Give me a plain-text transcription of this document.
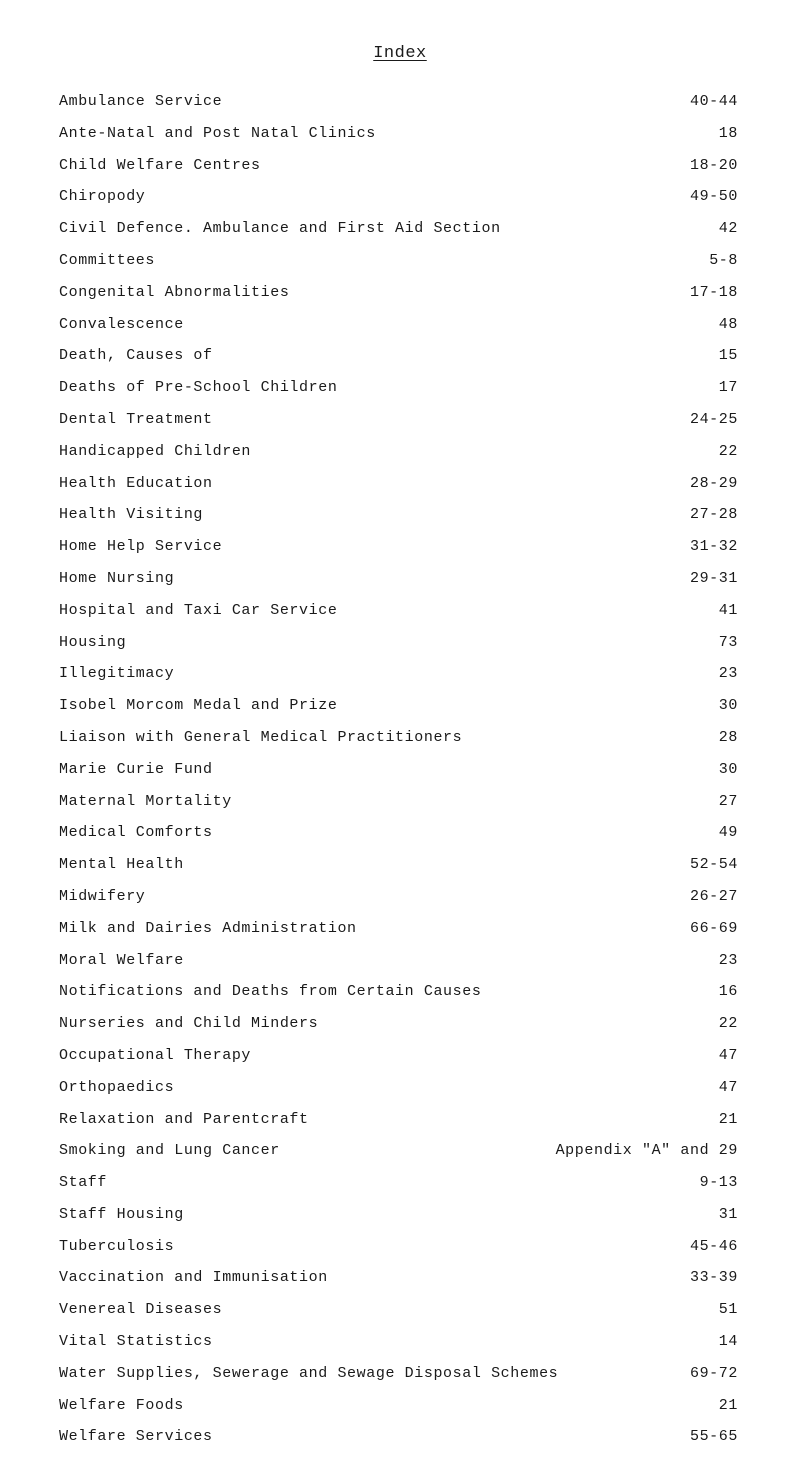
Index
Ambulance Service	40-44
Ante-Natal and Post Natal Clinics	18
Child Welfare Centres	18-20
Chiropody	49-50
Civil Defence. Ambulance and First Aid Section	42
Committees	5-8
Congenital Abnormalities	17-18
Convalescence	48
Death, Causes of	15
Deaths of Pre-School Children	17
Dental Treatment	24-25
Handicapped Children	22
Health Education	28-29
Health Visiting	27-28
Home Help Service	31-32
Home Nursing	29-31
Hospital and Taxi Car Service	41
Housing	73
Illegitimacy	23
Isobel Morcom Medal and Prize	30
Liaison with General Medical Practitioners	28
Marie Curie Fund	30
Maternal Mortality	27
Medical Comforts	49
Mental Health	52-54
Midwifery	26-27
Milk and Dairies Administration	66-69
Moral Welfare	23
Notifications and Deaths from Certain Causes	16
Nurseries and Child Minders	22
Occupational Therapy	47
Orthopaedics	47
Relaxation and Parentcraft	21
Smoking and Lung Cancer	Appendix "A" and 29
Staff	9-13
Staff Housing	31
Tuberculosis	45-46
Vaccination and Immunisation	33-39
Venereal Diseases	51
Vital Statistics	14
Water Supplies, Sewerage and Sewage Disposal Schemes	69-72
Welfare Foods	21
Welfare Services	55-65
